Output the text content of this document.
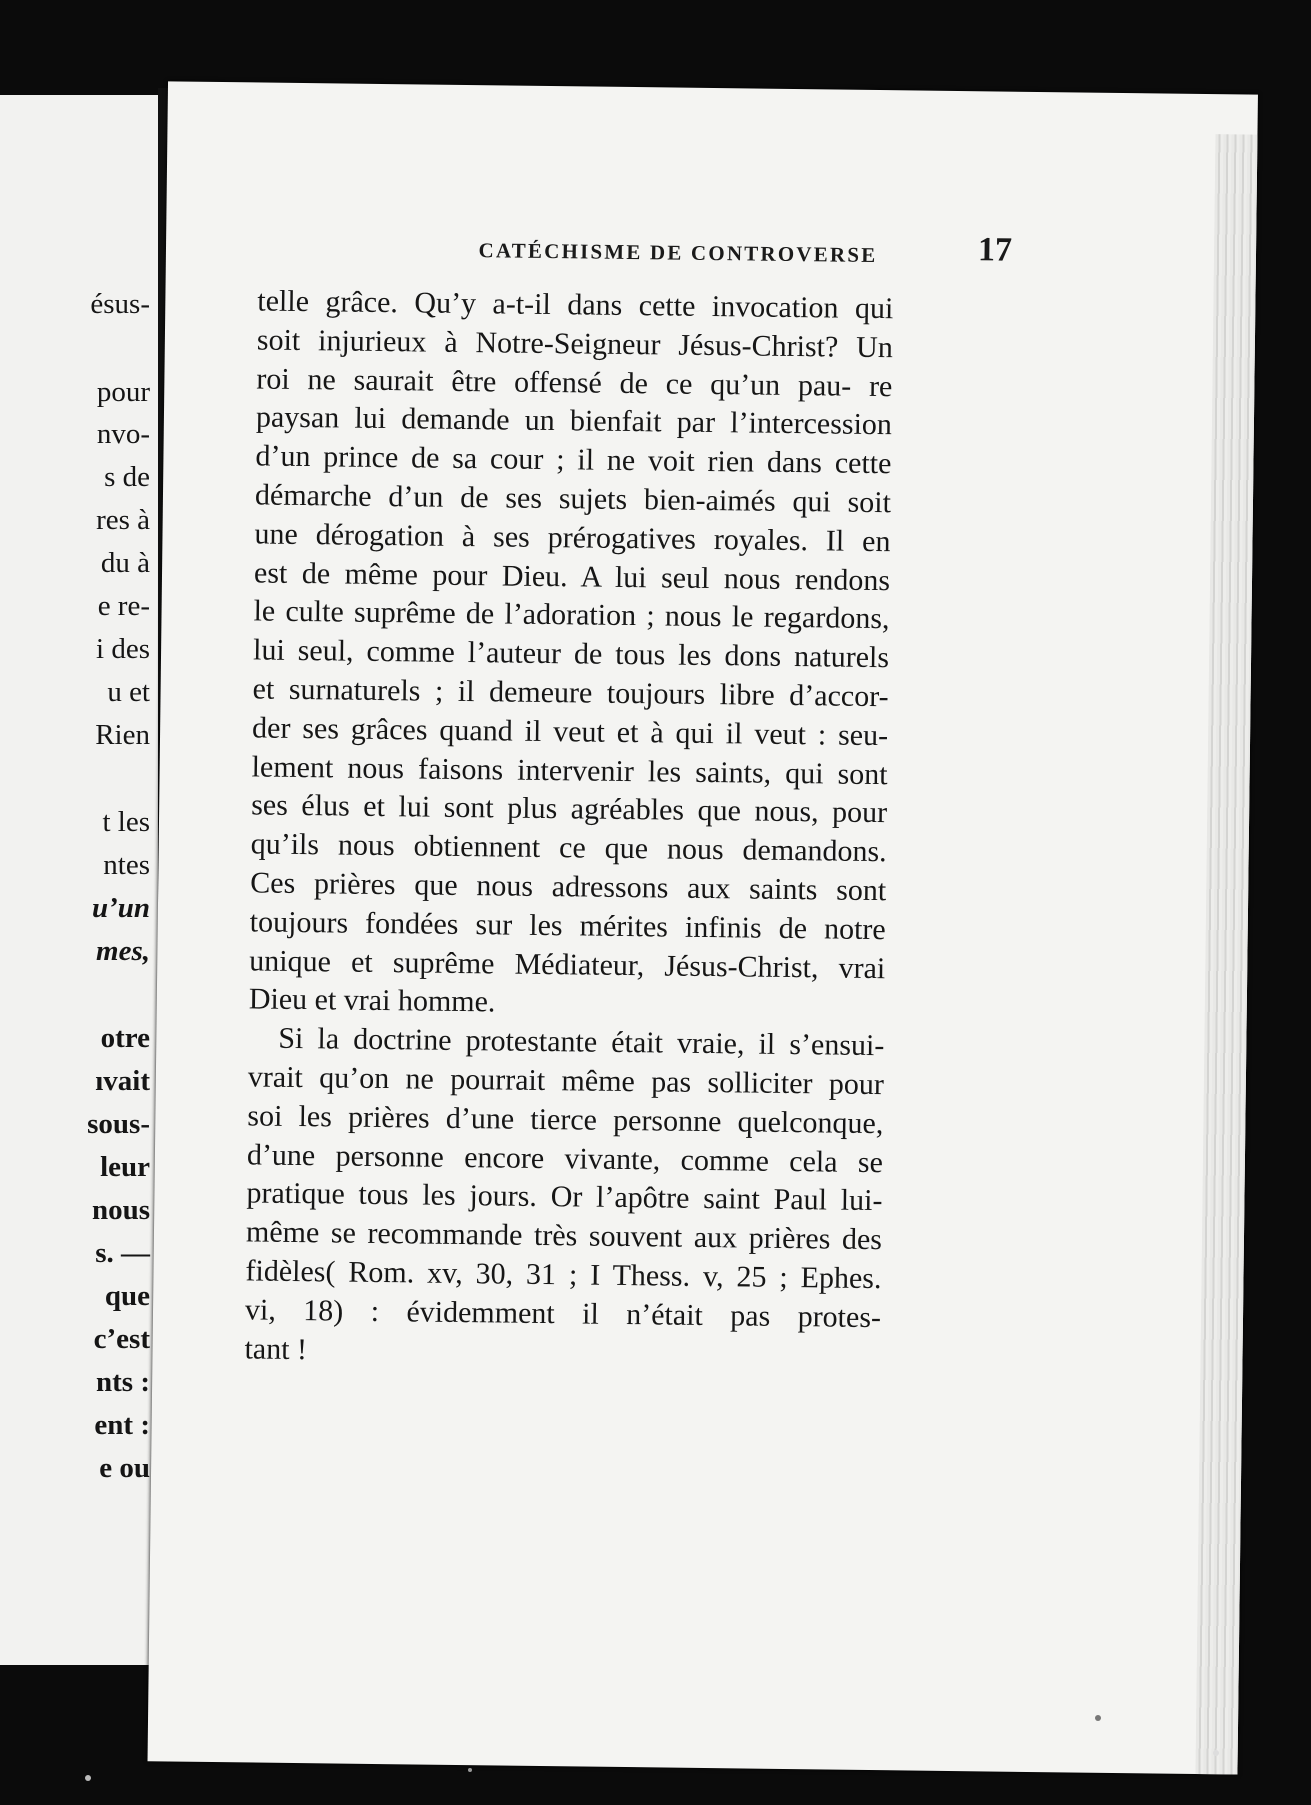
ésus-
pour
nvo-
s de
res à
du à
e re-
i des
u et
Rien
t les
ntes
u’un
mes,
otre
ıvait
sous-
leur
nous
s. —
que
c’est
nts :
ent :
e ou
CATÉCHISME DE CONTROVERSE	17
telle grâce. Qu’y a-t-il dans cette invocation qui
soit injurieux à Notre-Seigneur Jésus-Christ? Un
roi ne saurait être offensé de ce qu’un pau- re
paysan lui demande un bienfait par l’intercession
d’un prince de sa cour ; il ne voit rien dans cette
démarche d’un de ses sujets bien-aimés qui soit
une dérogation à ses prérogatives royales. Il en
est de même pour Dieu. A lui seul nous rendons
le culte suprême de l’adoration ; nous le regardons,
lui seul, comme l’auteur de tous les dons naturels
et surnaturels ; il demeure toujours libre d’accor-
der ses grâces quand il veut et à qui il veut : seu-
lement nous faisons intervenir les saints, qui sont
ses élus et lui sont plus agréables que nous, pour
qu’ils nous obtiennent ce que nous demandons.
Ces prières que nous adressons aux saints sont
toujours fondées sur les mérites infinis de notre
unique et suprême Médiateur, Jésus-Christ, vrai
Dieu et vrai homme.
Si la doctrine protestante était vraie, il s’ensui-
vrait qu’on ne pourrait même pas solliciter pour
soi les prières d’une tierce personne quelconque,
d’une personne encore vivante, comme cela se
pratique tous les jours. Or l’apôtre saint Paul lui-
même se recommande très souvent aux prières des
fidèles( Rom. xv, 30, 31 ; I Thess. v, 25 ; Ephes.
vi, 18) : évidemment il n’était pas protes-
tant !
